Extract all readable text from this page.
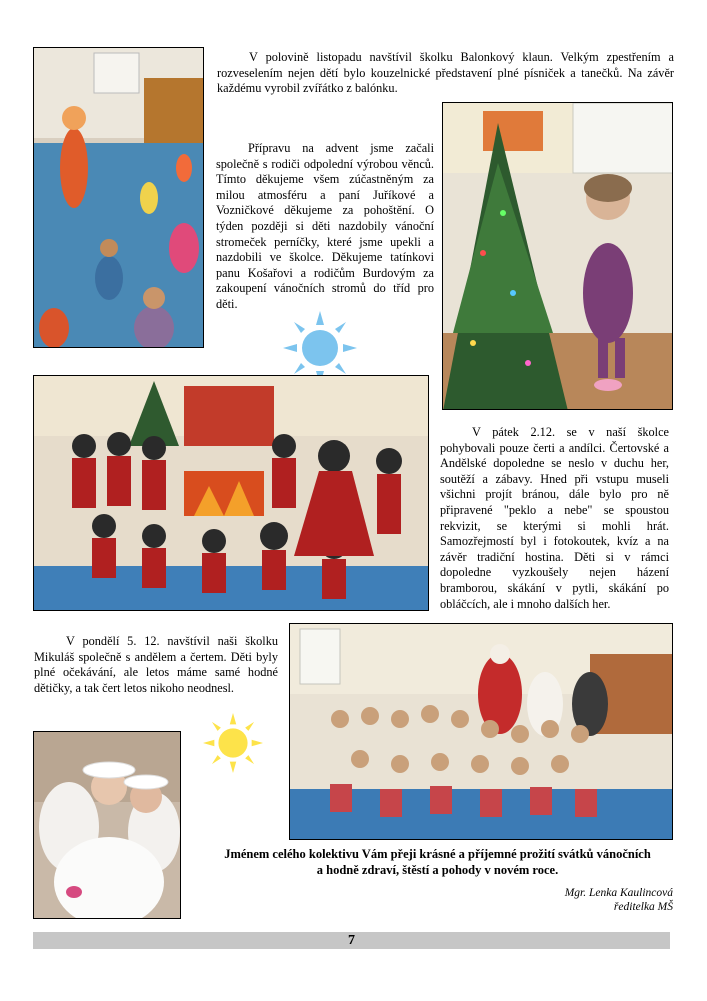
V polovině listopadu navštívil školku Balonkový klaun. Velkým zpestřením a rozveselením nejen dětí bylo kouzelnické představení plné písniček a tanečků. Na závěr každému vyrobil zvířátko z balónku.

Přípravu na advent jsme začali společně s rodiči odpolední výrobou věnců. Tímto děkujeme všem zúčastněným za milou atmosféru a paní Juříkové a Vozničkové děkujeme za pohoštění. O týden později si děti nazdobily vánoční stromeček perníčky, které jsme upekli a nazdobili ve školce. Děkujeme tatínkovi panu Košařovi a rodičům Burdovým za zakoupení vánočních stromů do tříd pro děti.

V pátek 2.12. se v naší školce pohybovali pouze čerti a andílci. Čertovské a Andělské dopoledne se neslo v duchu her, soutěží a zábavy. Hned při vstupu museli všichni projít bránou, dále bylo pro ně připravené "peklo a nebe" se spoustou rekvizit, se kterými si mohli hrát. Samozřejmostí byl i fotokoutek, kvíz a na závěr tradiční hostina. Děti si v rámci dopoledne vyzkoušely nejen házení bramborou, skákání v pytli, skákání po obláčcích, ale i mnoho dalších her.

V pondělí 5. 12. navštívil naši školku Mikuláš společně s andělem a čertem. Děti byly plné očekávání, ale letos máme samé hodné dětičky, a tak čert letos nikoho neodnesl.

Jménem celého kolektivu Vám přeji krásné a příjemné prožití svátků vánočních
a hodně zdraví, štěstí a pohody v novém roce.
Mgr. Lenka Kaulincová
ředitelka MŠ
7
